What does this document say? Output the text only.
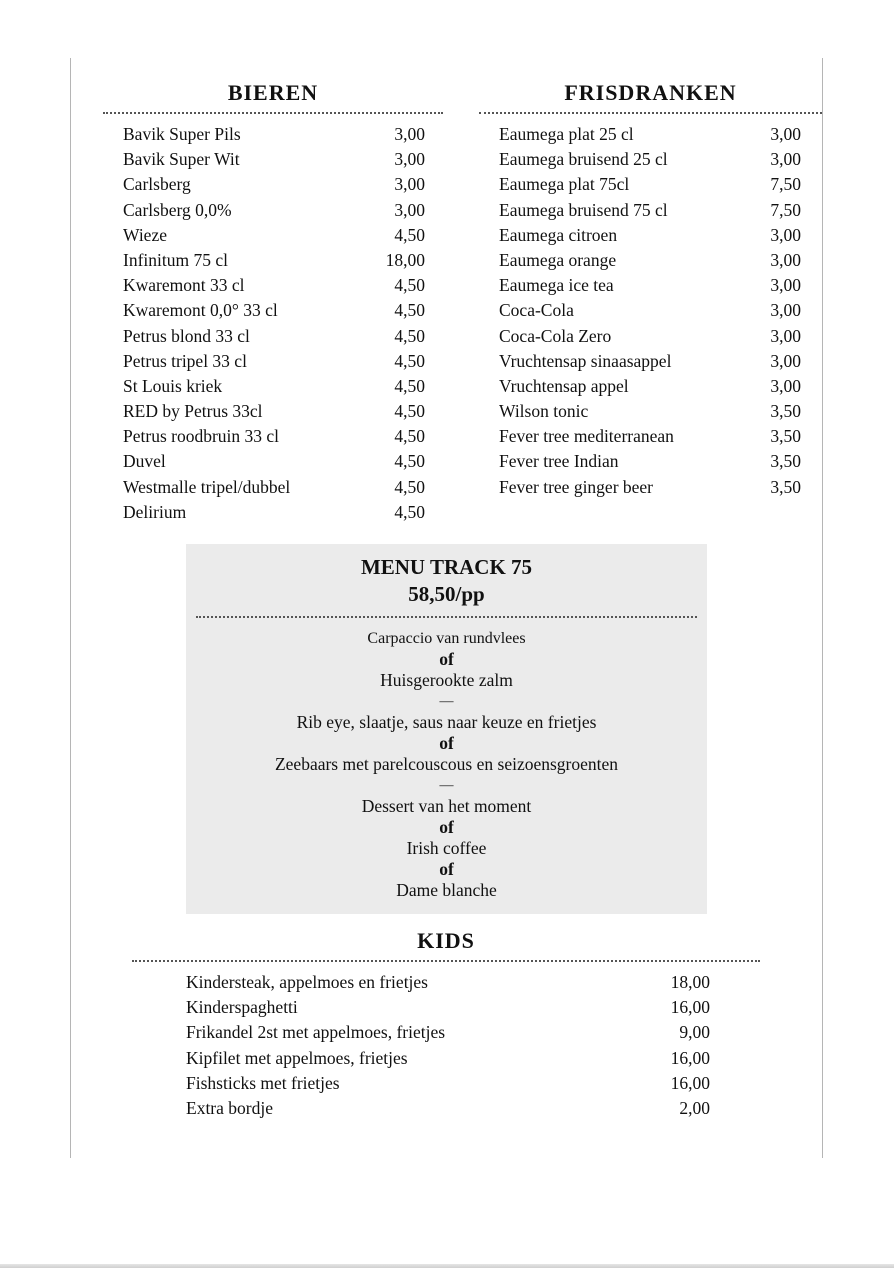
BIEREN
Bavik Super Pils	3,00
Bavik Super Wit	3,00
Carlsberg	3,00
Carlsberg 0,0%	3,00
Wieze	4,50
Infinitum 75 cl	18,00
Kwaremont 33 cl	4,50
Kwaremont 0,0° 33 cl	4,50
Petrus blond 33 cl	4,50
Petrus tripel 33 cl	4,50
St Louis kriek	4,50
RED by Petrus 33cl	4,50
Petrus roodbruin 33 cl	4,50
Duvel	4,50
Westmalle tripel/dubbel	4,50
Delirium	4,50
FRISDRANKEN
Eaumega plat 25 cl	3,00
Eaumega bruisend 25 cl	3,00
Eaumega plat 75cl	7,50
Eaumega bruisend 75 cl	7,50
Eaumega citroen	3,00
Eaumega orange	3,00
Eaumega ice tea	3,00
Coca-Cola	3,00
Coca-Cola Zero	3,00
Vruchtensap sinaasappel	3,00
Vruchtensap appel	3,00
Wilson tonic	3,50
Fever tree mediterranean	3,50
Fever tree Indian	3,50
Fever tree ginger beer	3,50
MENU TRACK 75
58,50/pp
Carpaccio van rundvlees
of
Huisgerookte zalm
—
Rib eye, slaatje, saus naar keuze en frietjes
of
Zeebaars met parelcouscous en seizoensgroenten
—
Dessert van het moment
of
Irish coffee
of
Dame blanche
KIDS
Kindersteak, appelmoes en frietjes	18,00
Kinderspaghetti	16,00
Frikandel 2st met appelmoes, frietjes	9,00
Kipfilet met appelmoes, frietjes	16,00
Fishsticks met frietjes	16,00
Extra bordje	2,00
